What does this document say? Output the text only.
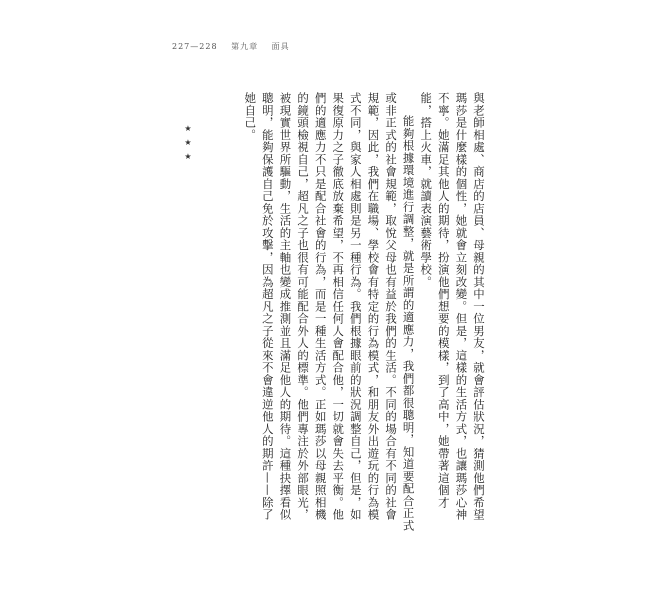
227—228 第九章 面具

與老師相處、商店的店員、母親的其中一位男友，就會評估狀況，猜測他們希望瑪莎是什麼樣的個性，她就會立刻改變。但是，這樣的生活方式，也讓瑪莎心神不寧。她滿足其他人的期待，扮演他們想要的模樣，到了高中，她帶著這個才能，搭上火車，就讀表演藝術學校。

能夠根據環境進行調整，就是所謂的適應力，我們都很聰明，知道要配合正式或非正式的社會規範，取悅父母也有益於我們的生活。不同的場合有不同的社會規範，因此，我們在職場、學校會有特定的行為模式，和朋友外出遊玩的行為模式不同，與家人相處則是另一種行為。我們根據眼前的狀況調整自己，但是，如果復原力之子徹底放棄希望，不再相信任何人會配合他，一切就會失去平衡。他們的適應力不只是配合社會的行為，而是一種生活方式。正如瑪莎以母親照相機的鏡頭檢視自己，超凡之子也很有可能配合外人的標準。他們專注於外部眼光，被現實世界所驅動，生活的主軸也變成推測並且滿足他人的期待。這種抉擇看似聰明，能夠保護自己免於攻擊，因為超凡之子從來不會違逆他人的期許——除了她自己。

★
★
★
